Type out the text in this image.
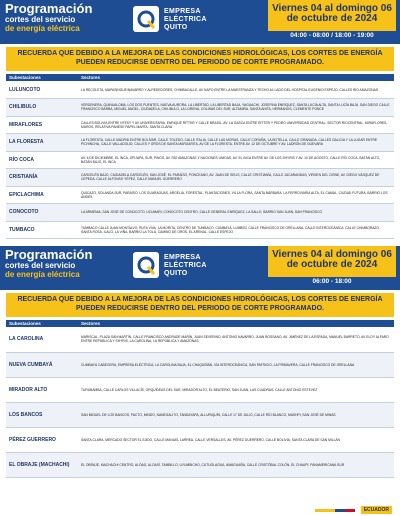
Programación
cortes del servicio
de energía eléctrica
EMPRESA
ELÉCTRICA
QUITO
Viernes 04 al domingo 06
de octubre de 2024
04:00 - 08:00 / 18:00 - 19:00
RECUERDA QUE DEBIDO A LA MEJORA DE LAS CONDICIONES HIDROLÓGICAS, LOS CORTES DE ENERGÍA PUEDEN REDUCIRSE DENTRO DEL PERIODO DE CORTE PROGRAMADO.
Subestaciones	Sectores
LULUNCOTO	LA RECOLETA, MAPASINGUE/NAVARRO Y ALREDEDORES, CHIMBACALLE, AV NAPO ENTRE LA MAESTRANZA Y TECHO AL LADO DEL HOSPITAL EUGENIO ESPEJO, CALLES RÍO AMAZONAS
CHILIBULO	VERGENERA, QUINUALOMA, LOS DOS PUENTES, NUEVA AURORA, LA LIBERTAD, LA LIBERTAD BAJA, YAGUACHI, JOSEFINA ENRÍQUEZ, SANTA LUCÍA ALTA, SANTA LUCÍA BAJA, SAN DIEGO CALLE FRANCISCO BARBA, MIGUEL ÁNGEL, CIUDADELA, CHILIBULO, LA LORENA, COLINAS DEL SUR, ALTAMIRA, SANTA ANITA, HERMANOS, CLEMENTE PONCE
MIRAFLORES	CALLES BOLIVIA ENTRE NTESY Y AV UNIVERSITARIA, ENRIQUE RITTER Y CALLE BRASIL, AV. LA GASCA ENTRE RITTER Y PEDRO UNIVERSIDAD CENTRAL, SECTOR RIOCENTRAL, MIRAFLORES, MUROS, RELATIVA PANESE PAPEL MARTA, SANTA CLARA
LA FLORESTA	LA FLORESTA, CALLE MADRID ENTRE BOLÍVAR, CALLE TOLEDO, CALLE ITALIA, CALLE LAS MORAS, CALLE CORUÑA, LA BOTELLA, CALLE GRANADA, CALLES GALICIA Y LA LUGAR ENTRE PICHINCHA, CALLE VALLADOLID, CALLES Y OROS DE SANTA MARGARITA, AV DE LA FLORESTA, ENTRE AV. 12 DE OCTUBRE Y AV. LADRÓN DE GUEVARA
RÍO COCA	AV. 6 DE DICIEMBRE, EL INCA, JIPIJAPA, SUR, PINOS, AV. RÍO AMAZONAS Y NACIONES UNIDAS, AV. EL INCA ENTRE AV. DE LOS SHYRIS Y AV. 10 DE AGOSTO, CALLE RÍO COCA, BATÁN ALTO, BATÁN BAJO, EL INCA
CRISTIANÍA	CARCELÉN BAJO, CIUDADELA CARCELÉN, SAN JOSÉ, EL PARAÍSO, PONCEANO, AV. JUAN DE SELIS, CALLE CRISTIANÍA, CALLE JACARANDAS, VIRGEN DEL CISNE, AV. DIEGO VÁSQUEZ DE CEPEDA, CALLE ALFONSO YÉPEZ, CALLE MANUEL GUERRERO
EPICLACHIMA	QUICAZO, SOLANDA SUR, PARAÍSO, LOS GUARAGUAS, ARGELIA, FORESTAL, PLANTACIONES, VILLA FLORA, SANTA BÁRBARA, LA FERROVIARIA ALTA, EL CAMAL, CIUDAD FUTURA, BARRIO LOS ANDES
CONOCOTO	LA ARMENIA, SAN JOSÉ DE CONOCOTO, UCUMARI, CONOCOTO CENTRO, CALLE GENERAL ENRÍQUEZ, LA SALLE, BARRIO SAN JUAN, SAN FRANCISCO
TUMBACO	TUMBACO CALLE JUAN MONTALVO, RUTA VIVA, LA MORITA, CENTRO DE TUMBACO, CUMBAYÁ, LUMBISÍ, CALLE FRANCISCO DE ORELLANA, CALLE INTEROCEÁNICA, CALLE CHIMBORAZO, SANTA ROSA, ILALÓ, LA VIÑA, BARRIO LA TOLA, CAMINO DE OROS, EL ARENAL, CALLE ESPEJO
Programación
cortes del servicio
de energía eléctrica
EMPRESA
ELÉCTRICA
QUITO
Viernes 04 al domingo 06
de octubre de 2024
06:00 - 18:00
RECUERDA QUE DEBIDO A LA MEJORA DE LAS CONDICIONES HIDROLÓGICAS, LOS CORTES DE ENERGÍA PUEDEN REDUCIRSE DENTRO DEL PERIODO DE CORTE PROGRAMADO.
Subestaciones	Sectores
LA CAROLINA	MARISCAL, PLAZA SAN MARTÍN, CALLE FRANCISCO ANDRADE MARÍN, JUAN SEVERINO, ANTONIO NAVARRO, JUAN BOSSANO, AV. JIMÉNEZ DE LA ESPADA, MANUEL BARRETO, AV ELOY ALFARO ENTRE REPÚBLICA Y SHYRIS, LA CAROLINA, LA REPÚBLICA Y AMAZONAS
NUEVA CUMBAYÁ	CUMBAYÁ CABECERA, EMPRESA ELÉCTRICA, LA CAROLINA BAJA, EL CHAQUIÑÁN, VÍA INTEROCEÁNICA, SAN PATRICIO, LA PRIMAVERA, CALLE FRANCISCO DE ORELLANA
MIRADOR ALTO	TURUBAMBA, CALLE CARLOS VILLACÍS, ORQUÍDEAS DEL SUR, MIRADOR ALTO, EL BEATERIO, SAN JUAN, LAS CUADRAS, CALLE ANTONIO ESTEVEZ
LOS BANCOS	SAN MIGUEL DE LOS BANCOS, PACTO, MINDO, NANEGALITO, TANDAYAPA, ALLURIQUÍN, CALLE 17 DE JULIO, CALLE RÍO BLANCO, MASHPI, SAN JOSÉ DE MINAS
PÉREZ GUERRERO	SANTA CLARA, MERCADO SECTOR EL EJIDO, CALLE MANUEL LARREA, CALLE VERSALLES, AV. PÉREZ GUERRERO, CALLE BOLIVIA, SANTA CLARA DE SAN MILLÁN
EL OBRAJE (MACHACHI)	EL OBRAJE, MACHACHI CENTRO, ALÓAG, ALOASÍ, TAMBILLO, UYUMBICHO, CUTUGLAGUA, AMAGUAÑA, CALLE CRISTÓBAL COLÓN, EL CHAUPI, PANAMERICANA SUR
ECUADOR
